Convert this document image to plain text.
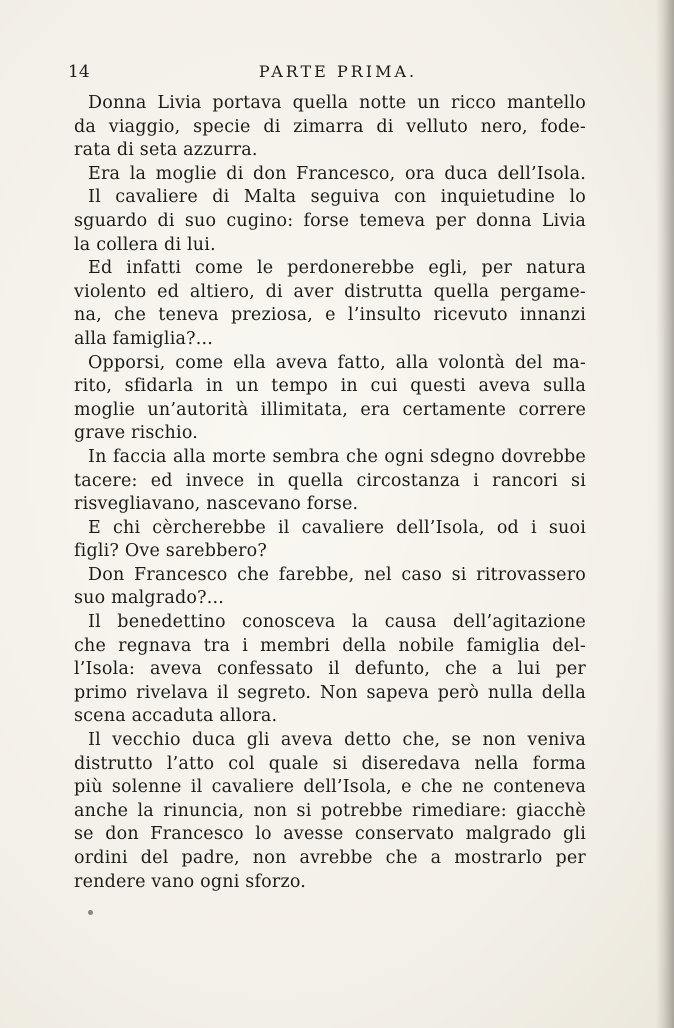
14	PARTE PRIMA.
Donna Livia portava quella notte un ricco mantello
da viaggio, specie di zimarra di velluto nero, fode-
rata di seta azzurra.
Era la moglie di don Francesco, ora duca dell’Isola.
Il cavaliere di Malta seguiva con inquietudine lo
sguardo di suo cugino: forse temeva per donna Livia
la collera di lui.
Ed infatti come le perdonerebbe egli, per natura
violento ed altiero, di aver distrutta quella pergame-
na, che teneva preziosa, e l’insulto ricevuto innanzi
alla famiglia?...
Opporsi, come ella aveva fatto, alla volontà del ma-
rito, sfidarla in un tempo in cui questi aveva sulla
moglie un’autorità illimitata, era certamente correre
grave rischio.
In faccia alla morte sembra che ogni sdegno dovrebbe
tacere: ed invece in quella circostanza i rancori si
risvegliavano, nascevano forse.
E chi cèrcherebbe il cavaliere dell’Isola, od i suoi
figli? Ove sarebbero?
Don Francesco che farebbe, nel caso si ritrovassero
suo malgrado?...
Il benedettino conosceva la causa dell’agitazione
che regnava tra i membri della nobile famiglia del-
l’Isola: aveva confessato il defunto, che a lui per
primo rivelava il segreto. Non sapeva però nulla della
scena accaduta allora.
Il vecchio duca gli aveva detto che, se non veniva
distrutto l’atto col quale si diseredava nella forma
più solenne il cavaliere dell’Isola, e che ne conteneva
anche la rinuncia, non si potrebbe rimediare: giacchè
se don Francesco lo avesse conservato malgrado gli
ordini del padre, non avrebbe che a mostrarlo per
rendere vano ogni sforzo.
